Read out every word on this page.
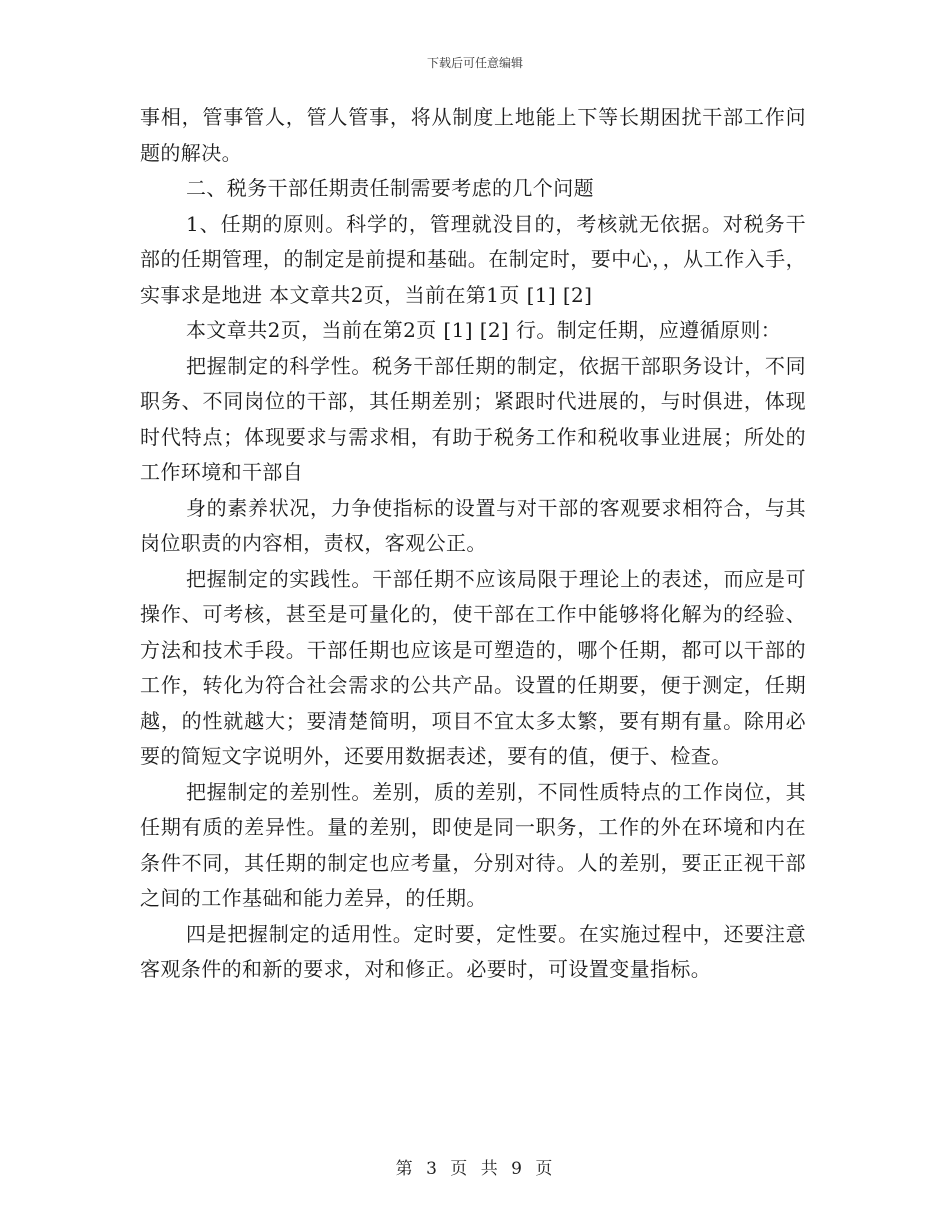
下载后可任意编辑

事相，管事管人，管人管事，将从制度上地能上下等长期困扰干部工作问题的解决。

二、税务干部任期责任制需要考虑的几个问题

1、任期的原则。科学的，管理就没目的，考核就无依据。对税务干部的任期管理，的制定是前提和基础。在制定时，要中心，，从工作入手，实事求是地进 本文章共2页，当前在第1页 [1] [2]

本文章共2页，当前在第2页 [1] [2] 行。制定任期，应遵循原则：

把握制定的科学性。税务干部任期的制定，依据干部职务设计，不同职务、不同岗位的干部，其任期差别；紧跟时代进展的，与时俱进，体现时代特点；体现要求与需求相，有助于税务工作和税收事业进展；所处的工作环境和干部自

身的素养状况，力争使指标的设置与对干部的客观要求相符合，与其岗位职责的内容相，责权，客观公正。

把握制定的实践性。干部任期不应该局限于理论上的表述，而应是可操作、可考核，甚至是可量化的，使干部在工作中能够将化解为的经验、方法和技术手段。干部任期也应该是可塑造的，哪个任期，都可以干部的工作，转化为符合社会需求的公共产品。设置的任期要，便于测定，任期越，的性就越大；要清楚简明，项目不宜太多太繁，要有期有量。除用必要的简短文字说明外，还要用数据表述，要有的值，便于、检查。

把握制定的差别性。差别，质的差别，不同性质特点的工作岗位，其任期有质的差异性。量的差别，即使是同一职务，工作的外在环境和内在条件不同，其任期的制定也应考量，分别对待。人的差别，要正正视干部之间的工作基础和能力差异，的任期。

四是把握制定的适用性。定时要，定性要。在实施过程中，还要注意客观条件的和新的要求，对和修正。必要时，可设置变量指标。

第 3 页 共 9 页
